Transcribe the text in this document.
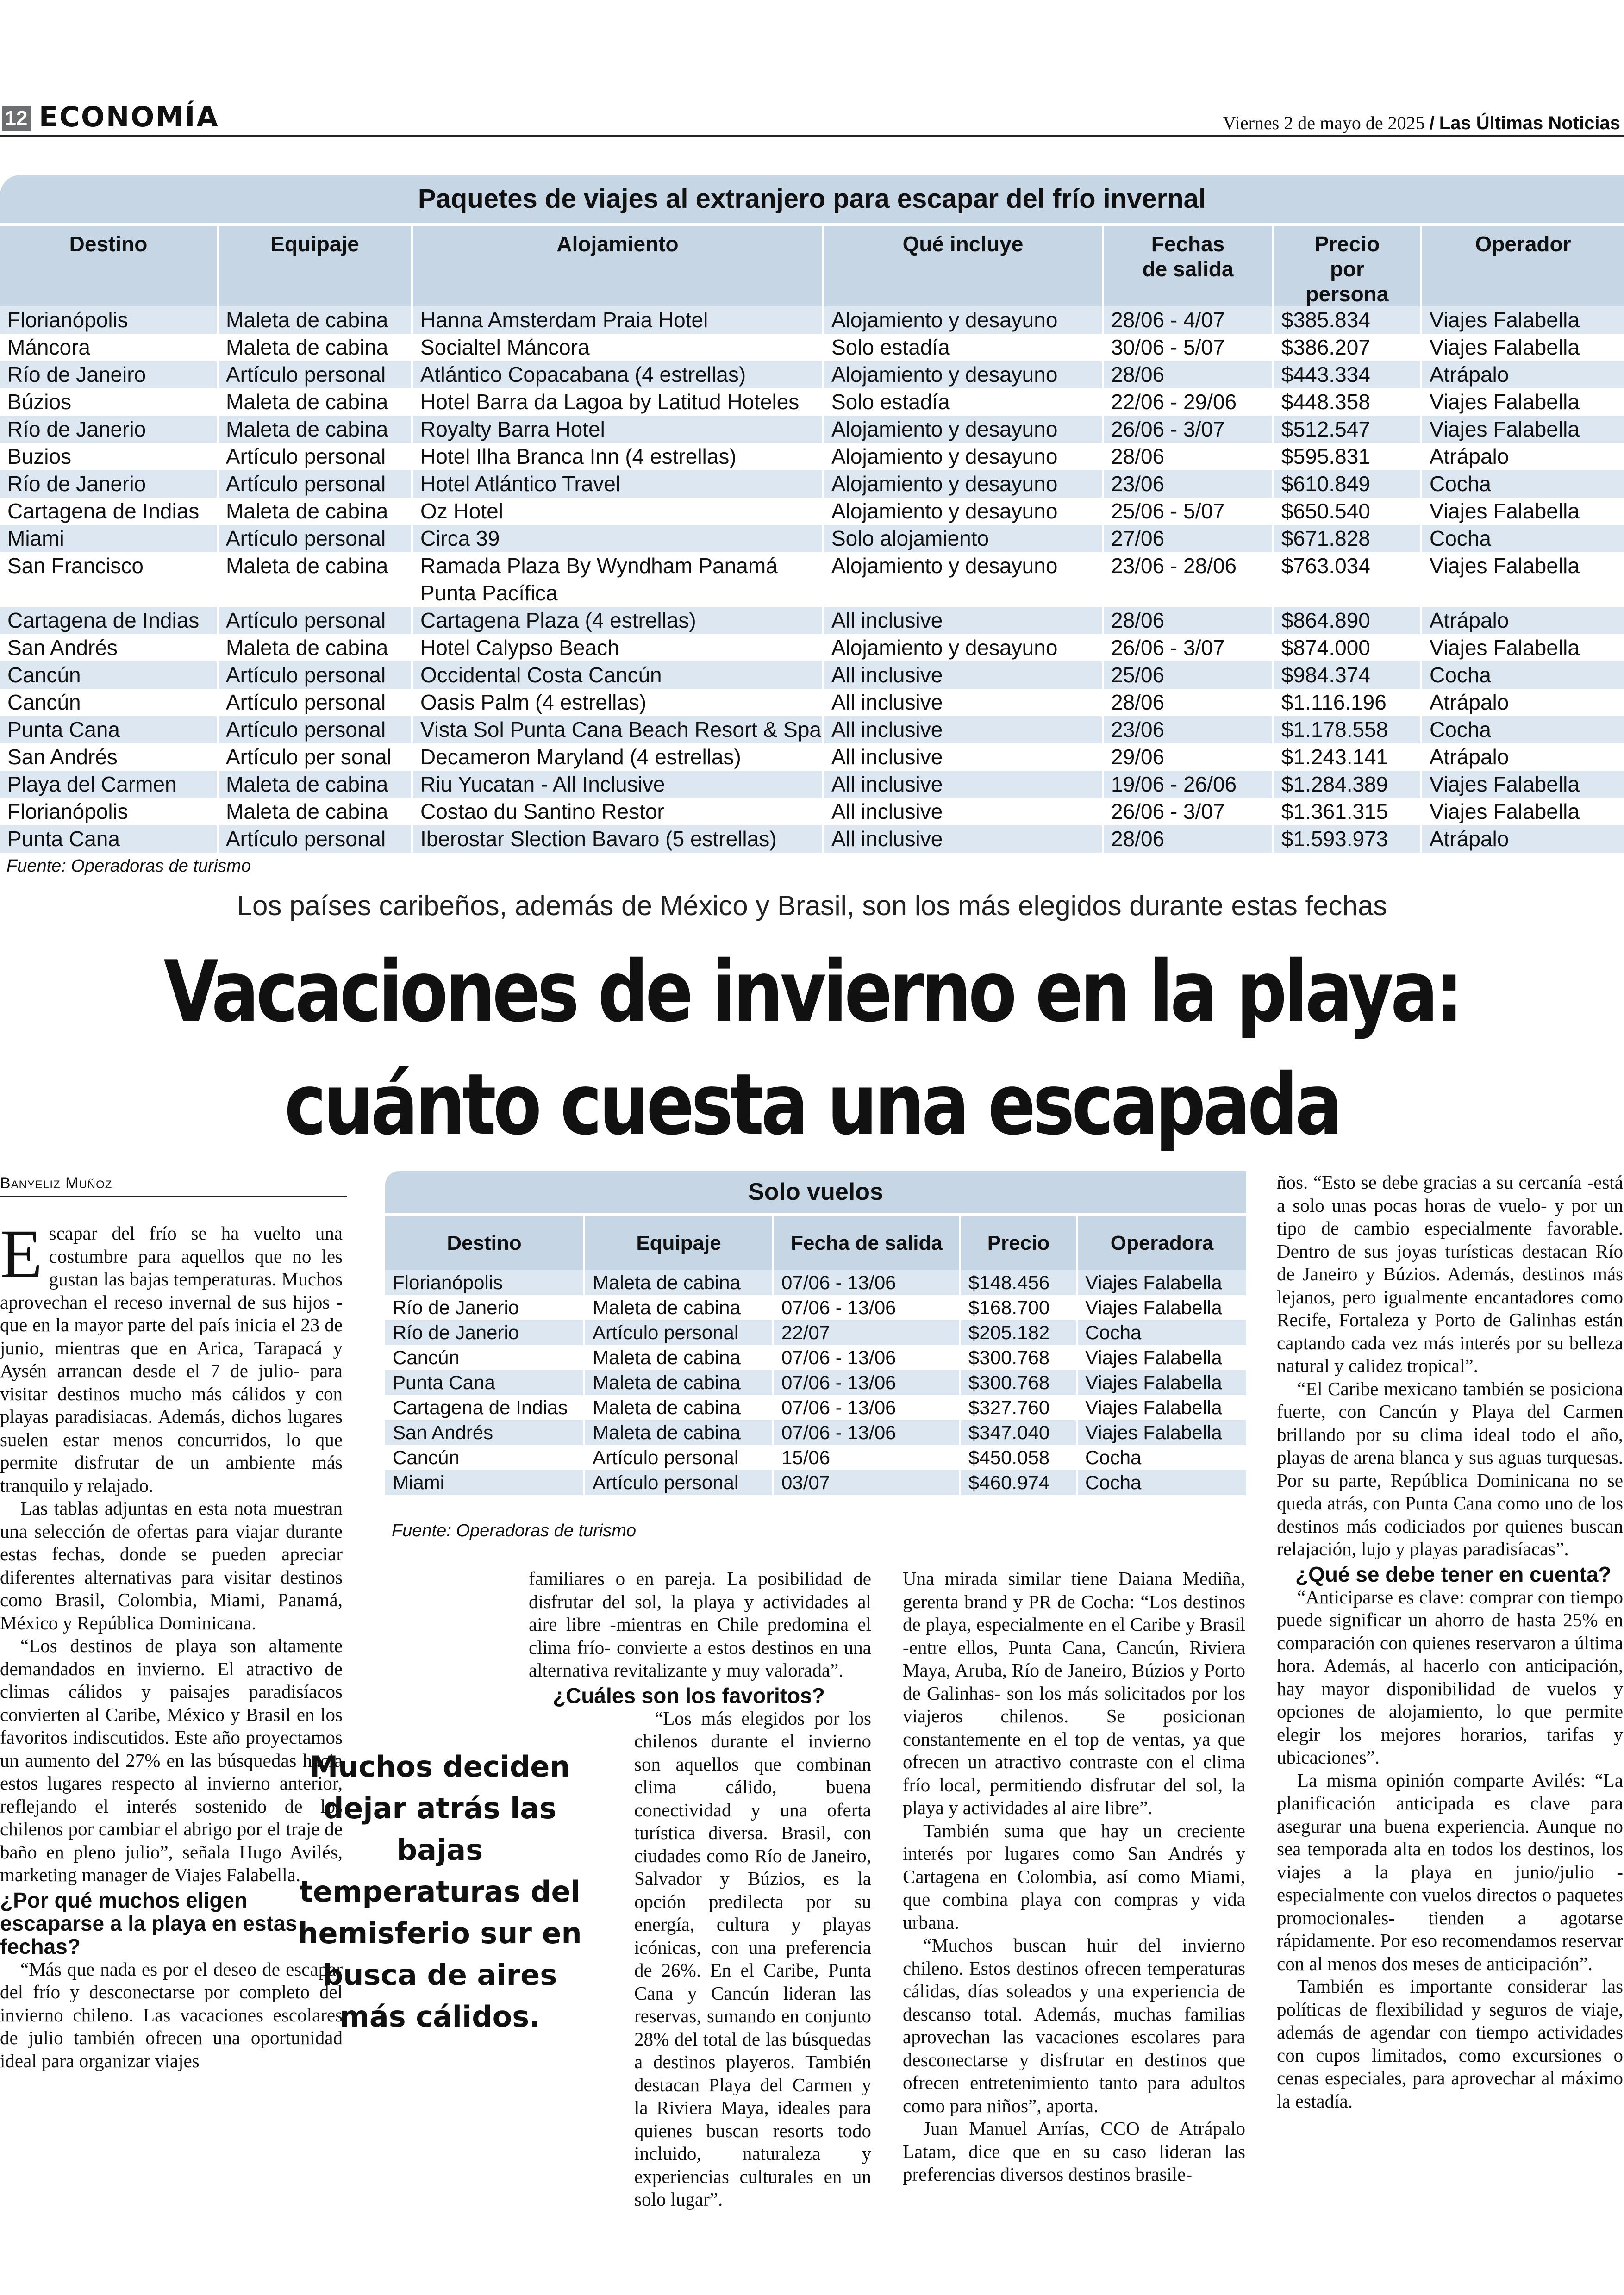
12 ECONOMÍA	Viernes 2 de mayo de 2025 / Las Últimas Noticias
Paquetes de viajes al extranjero para escapar del frío invernal
Destino	Equipaje	Alojamiento	Qué incluye	Fechas de salida	Precio por persona	Operador
Florianópolis	Maleta de cabina	Hanna Amsterdam Praia Hotel	Alojamiento y desayuno	28/06 - 4/07	$385.834	Viajes Falabella
Máncora	Maleta de cabina	Socialtel Máncora	Solo estadía	30/06 - 5/07	$386.207	Viajes Falabella
Río de Janeiro	Artículo personal	Atlántico Copacabana (4 estrellas)	Alojamiento y desayuno	28/06	$443.334	Atrápalo
Búzios	Maleta de cabina	Hotel Barra da Lagoa by Latitud Hoteles	Solo estadía	22/06 - 29/06	$448.358	Viajes Falabella
Río de Janerio	Maleta de cabina	Royalty Barra Hotel	Alojamiento y desayuno	26/06 - 3/07	$512.547	Viajes Falabella
Buzios	Artículo personal	Hotel Ilha Branca Inn (4 estrellas)	Alojamiento y desayuno	28/06	$595.831	Atrápalo
Río de Janerio	Artículo personal	Hotel Atlántico Travel	Alojamiento y desayuno	23/06	$610.849	Cocha
Cartagena de Indias	Maleta de cabina	Oz Hotel	Alojamiento y desayuno	25/06 - 5/07	$650.540	Viajes Falabella
Miami	Artículo personal	Circa 39	Solo alojamiento	27/06	$671.828	Cocha
San Francisco	Maleta de cabina	Ramada Plaza By Wyndham Panamá Punta Pacífica	Alojamiento y desayuno	23/06 - 28/06	$763.034	Viajes Falabella
Cartagena de Indias	Artículo personal	Cartagena Plaza (4 estrellas)	All inclusive	28/06	$864.890	Atrápalo
San Andrés	Maleta de cabina	Hotel Calypso Beach	Alojamiento y desayuno	26/06 - 3/07	$874.000	Viajes Falabella
Cancún	Artículo personal	Occidental Costa Cancún	All inclusive	25/06	$984.374	Cocha
Cancún	Artículo personal	Oasis Palm (4 estrellas)	All inclusive	28/06	$1.116.196	Atrápalo
Punta Cana	Artículo personal	Vista Sol Punta Cana Beach Resort & Spa	All inclusive	23/06	$1.178.558	Cocha
San Andrés	Artículo per sonal	Decameron Maryland (4 estrellas)	All inclusive	29/06	$1.243.141	Atrápalo
Playa del Carmen	Maleta de cabina	Riu Yucatan - All Inclusive	All inclusive	19/06 - 26/06	$1.284.389	Viajes Falabella
Florianópolis	Maleta de cabina	Costao du Santino Restor	All inclusive	26/06 - 3/07	$1.361.315	Viajes Falabella
Punta Cana	Artículo personal	Iberostar Slection Bavaro (5 estrellas)	All inclusive	28/06	$1.593.973	Atrápalo
Fuente: Operadoras de turismo
Los países caribeños, además de México y Brasil, son los más elegidos durante estas fechas
Vacaciones de invierno en la playa:
cuánto cuesta una escapada
Banyeliz Muñoz	Solo vuelos
Destino	Equipaje	Fecha de salida	Precio	Operadora
Florianópolis	Maleta de cabina	07/06 - 13/06	$148.456	Viajes Falabella
Río de Janerio	Maleta de cabina	07/06 - 13/06	$168.700	Viajes Falabella
Río de Janerio	Artículo personal	22/07	$205.182	Cocha
Cancún	Maleta de cabina	07/06 - 13/06	$300.768	Viajes Falabella
Punta Cana	Maleta de cabina	07/06 - 13/06	$300.768	Viajes Falabella
Cartagena de Indias	Maleta de cabina	07/06 - 13/06	$327.760	Viajes Falabella
San Andrés	Maleta de cabina	07/06 - 13/06	$347.040	Viajes Falabella
Cancún	Artículo personal	15/06	$450.058	Cocha
Miami	Artículo personal	03/07	$460.974	Cocha
Fuente: Operadoras de turismo

Escapar del frío se ha vuelto una costumbre para aquellos que no les gustan las bajas temperaturas. Muchos aprovechan el receso invernal de sus hijos -que en la mayor parte del país inicia el 23 de junio, mientras que en Arica, Tarapacá y Aysén arrancan desde el 7 de julio- para visitar destinos mucho más cálidos y con playas paradisiacas. Además, dichos lugares suelen estar menos concurridos, lo que permite disfrutar de un ambiente más tranquilo y relajado.

Las tablas adjuntas en esta nota muestran una selección de ofertas para viajar durante estas fechas, donde se pueden apreciar diferentes alternativas para visitar destinos como Brasil, Colombia, Miami, Panamá, México y República Dominicana.

“Los destinos de playa son altamente demandados en invierno. El atractivo de climas cálidos y paisajes paradisíacos convierten al Caribe, México y Brasil en los favoritos indiscutidos. Este año proyectamos un aumento del 27% en las búsquedas hacia estos lugares respecto al invierno anterior, reflejando el interés sostenido de los chilenos por cambiar el abrigo por el traje de baño en pleno julio”, señala Hugo Avilés, marketing manager de Viajes Falabella.

¿Por qué muchos eligen escaparse a la playa en estas fechas?

“Más que nada es por el deseo de escapar del frío y desconectarse por completo del invierno chileno. Las vacaciones escolares de julio también ofrecen una oportunidad ideal para organizar viajes

Muchos deciden dejar atrás las bajas temperaturas del hemisferio sur en busca de aires más cálidos.

familiares o en pareja. La posibilidad de disfrutar del sol, la playa y actividades al aire libre -mientras en Chile predomina el clima frío- convierte a estos destinos en una alternativa revitalizante y muy valorada”.

¿Cuáles son los favoritos?

“Los más elegidos por los chilenos durante el invierno son aquellos que combinan clima cálido, buena conectividad y una oferta turística diversa. Brasil, con ciudades como Río de Janeiro, Salvador y Búzios, es la opción predilecta por su energía, cultura y playas icónicas, con una preferencia de 26%. En el Caribe, Punta Cana y Cancún lideran las reservas, sumando en conjunto 28% del total de las búsquedas a destinos playeros. También destacan Playa del Carmen y la Riviera Maya, ideales para quienes buscan resorts todo incluido, naturaleza y experiencias culturales en un solo lugar”.

Una mirada similar tiene Daiana Mediña, gerenta brand y PR de Cocha: “Los destinos de playa, especialmente en el Caribe y Brasil -entre ellos, Punta Cana, Cancún, Riviera Maya, Aruba, Río de Janeiro, Búzios y Porto de Galinhas- son los más solicitados por los viajeros chilenos. Se posicionan constantemente en el top de ventas, ya que ofrecen un atractivo contraste con el clima frío local, permitiendo disfrutar del sol, la playa y actividades al aire libre”.

También suma que hay un creciente interés por lugares como San Andrés y Cartagena en Colombia, así como Miami, que combina playa con compras y vida urbana.

“Muchos buscan huir del invierno chileno. Estos destinos ofrecen temperaturas cálidas, días soleados y una experiencia de descanso total. Además, muchas familias aprovechan las vacaciones escolares para desconectarse y disfrutar en destinos que ofrecen entretenimiento tanto para adultos como para niños”, aporta.

Juan Manuel Arrías, CCO de Atrápalo Latam, dice que en su caso lideran las preferencias diversos destinos brasile-

ños. “Esto se debe gracias a su cercanía -está a solo unas pocas horas de vuelo- y por un tipo de cambio especialmente favorable. Dentro de sus joyas turísticas destacan Río de Janeiro y Búzios. Además, destinos más lejanos, pero igualmente encantadores como Recife, Fortaleza y Porto de Galinhas están captando cada vez más interés por su belleza natural y calidez tropical”.

“El Caribe mexicano también se posiciona fuerte, con Cancún y Playa del Carmen brillando por su clima ideal todo el año, playas de arena blanca y sus aguas turquesas. Por su parte, República Dominicana no se queda atrás, con Punta Cana como uno de los destinos más codiciados por quienes buscan relajación, lujo y playas paradisíacas”.

¿Qué se debe tener en cuenta?

“Anticiparse es clave: comprar con tiempo puede significar un ahorro de hasta 25% en comparación con quienes reservaron a última hora. Además, al hacerlo con anticipación, hay mayor disponibilidad de vuelos y opciones de alojamiento, lo que permite elegir los mejores horarios, tarifas y ubicaciones”.

La misma opinión comparte Avilés: “La planificación anticipada es clave para asegurar una buena experiencia. Aunque no sea temporada alta en todos los destinos, los viajes a la playa en junio/julio -especialmente con vuelos directos o paquetes promocionales- tienden a agotarse rápidamente. Por eso recomendamos reservar con al menos dos meses de anticipación”.

También es importante considerar las políticas de flexibilidad y seguros de viaje, además de agendar con tiempo actividades con cupos limitados, como excursiones o cenas especiales, para aprovechar al máximo la estadía.
